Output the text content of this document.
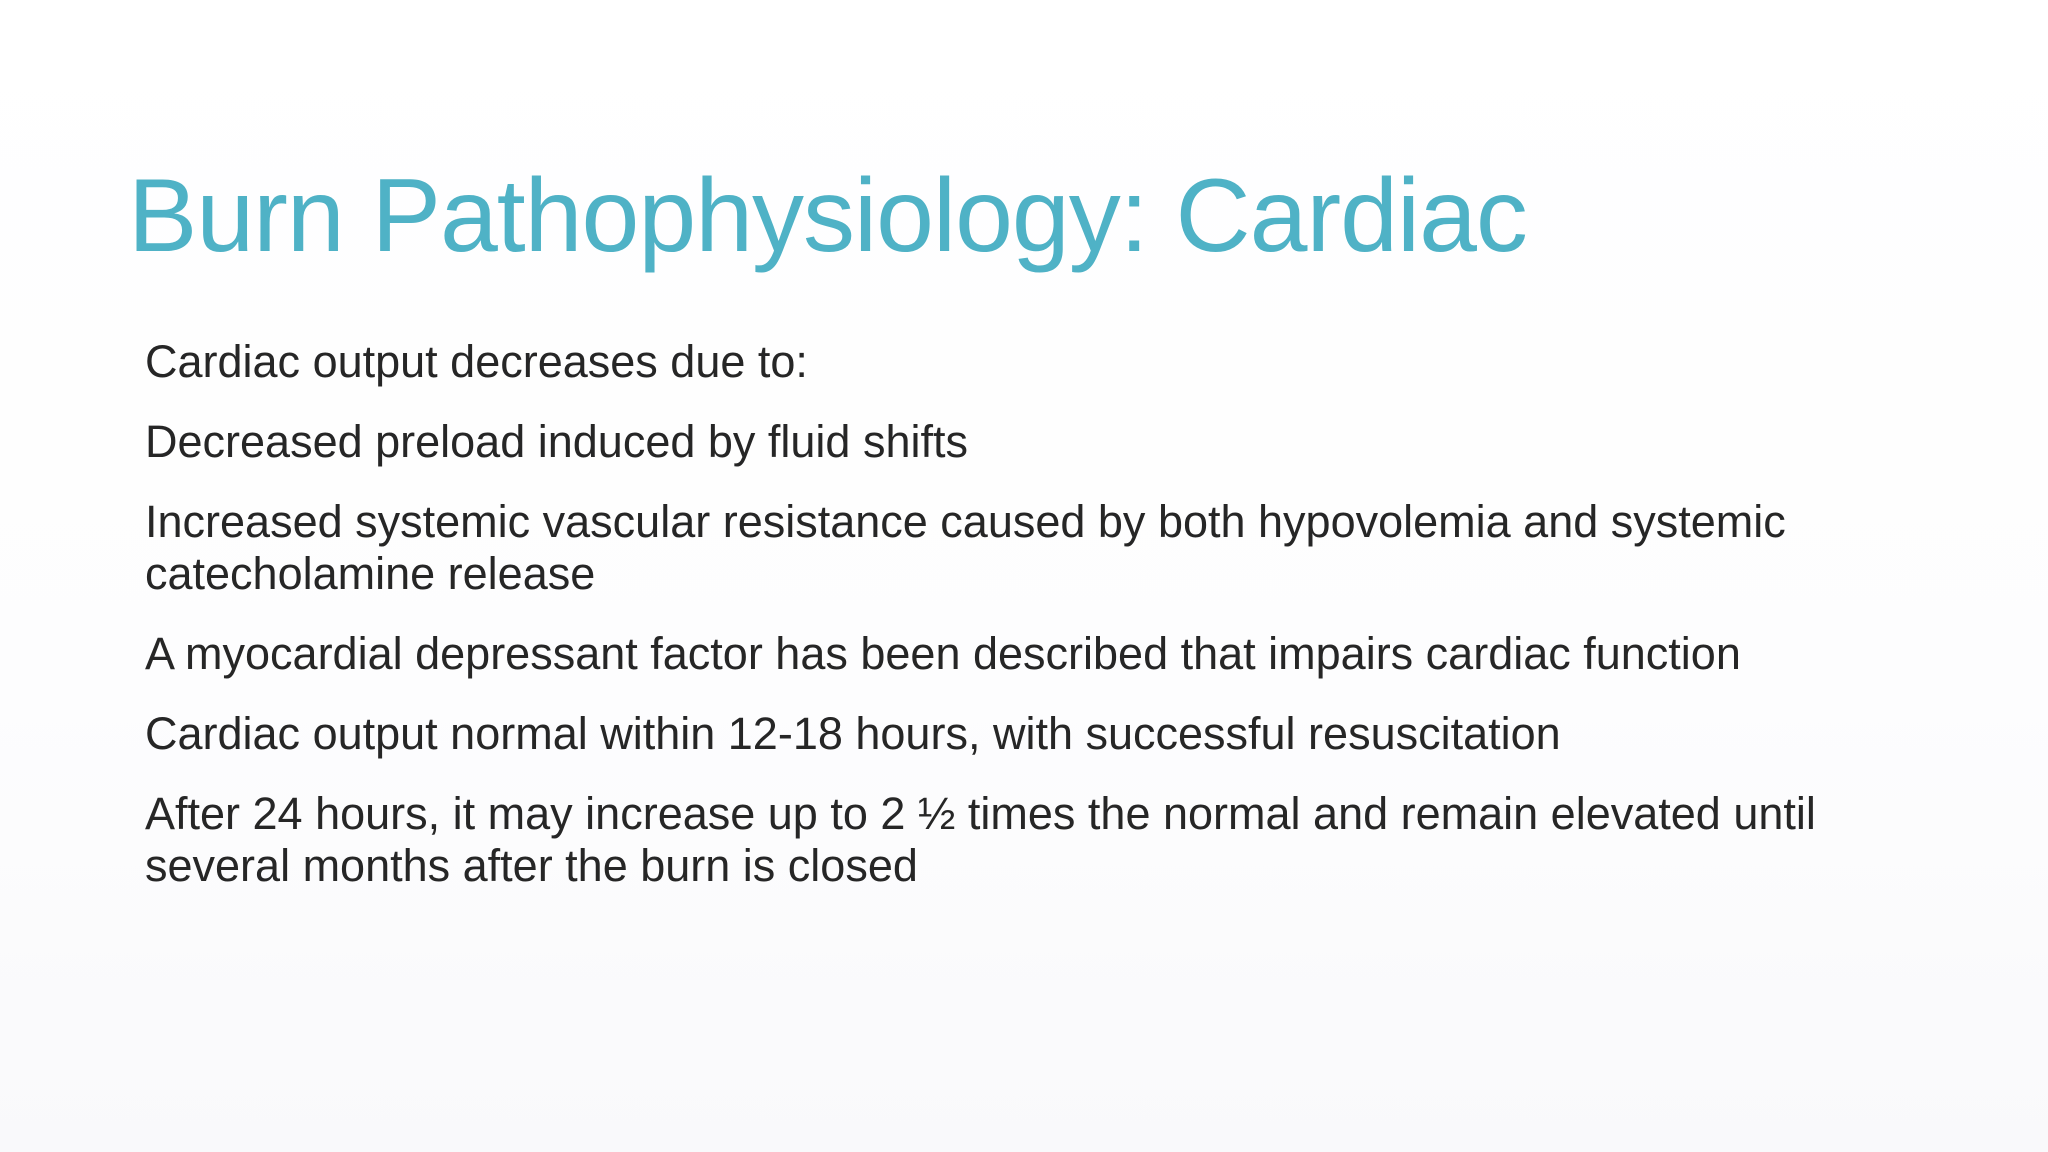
Burn Pathophysiology: Cardiac
Cardiac output decreases due to:
Decreased preload induced by fluid shifts
Increased systemic vascular resistance caused by both hypovolemia and systemic catecholamine release
A myocardial depressant factor has been described that impairs cardiac function
Cardiac output normal within 12-18 hours, with successful resuscitation
After 24 hours, it may increase up to 2 ½ times the normal and remain elevated until several months after the burn is closed
